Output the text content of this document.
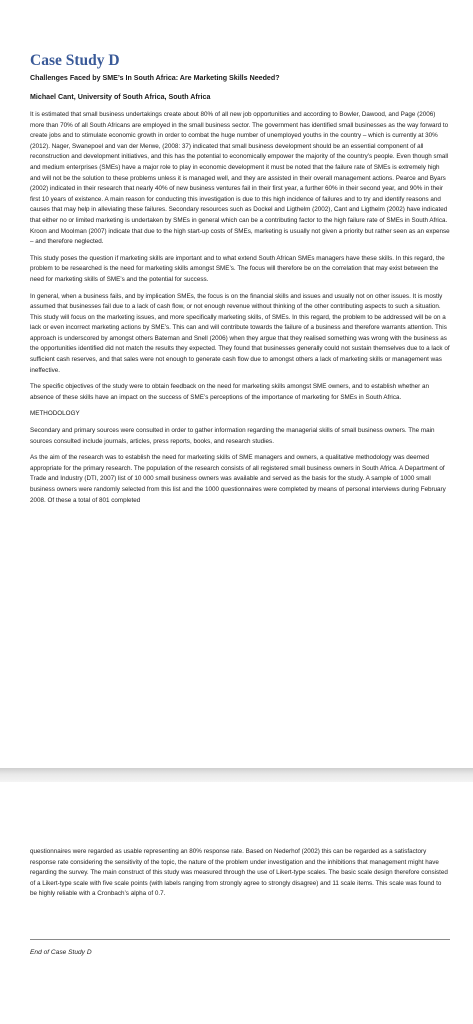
Case Study D

Challenges Faced by SME’s In South Africa: Are Marketing Skills Needed?

Michael Cant, University of South Africa, South Africa

It is estimated that small business undertakings create about 80% of all new job opportunities and according to Bowler, Dawood, and Page (2006) more than 70% of all South Africans are employed in the small business sector. The government has identified small businesses as the way forward to create jobs and to stimulate economic growth in order to combat the huge number of unemployed youths in the country – which is currently at 30% (2012). Nager, Swanepoel and van der Merwe, (2008: 37) indicated that small business development should be an essential component of all reconstruction and development initiatives, and this has the potential to economically empower the majority of the country’s people. Even though small and medium enterprises (SMEs) have a major role to play in economic development it must be noted that the failure rate of SMEs is extremely high and will not be the solution to these problems unless it is managed well, and they are assisted in their overall management actions. Pearce and Byars (2002) indicated in their research that nearly 40% of new business ventures fail in their first year, a further 60% in their second year, and 90% in their first 10 years of existence. A main reason for conducting this investigation is due to this high incidence of failures and to try and identify reasons and causes that may help in alleviating these failures. Secondary resources such as Dockel and Ligthelm (2002), Cant and Ligthelm (2002) have indicated that either no or limited marketing is undertaken by SMEs in general which can be a contributing factor to the high failure rate of SMEs in South Africa. Kroon and Moolman (2007) indicate that due to the high start-up costs of SMEs, marketing is usually not given a priority but rather seen as an expense – and therefore neglected.

This study poses the question if marketing skills are important and to what extend South African SMEs managers have these skills. In this regard, the problem to be researched is the need for marketing skills amongst SME’s. The focus will therefore be on the correlation that may exist between the need for marketing skills of SME’s and the potential for success.

In general, when a business fails, and by implication SMEs, the focus is on the financial skills and issues and usually not on other issues. It is mostly assumed that businesses fail due to a lack of cash flow, or not enough revenue without thinking of the other contributing aspects to such a situation. This study will focus on the marketing issues, and more specifically marketing skills, of SMEs. In this regard, the problem to be addressed will be on a lack or even incorrect marketing actions by SME’s. This can and will contribute towards the failure of a business and therefore warrants attention. This approach is underscored by amongst others Bateman and Snell (2006) when they argue that they realised something was wrong with the business as the opportunities identified did not match the results they expected. They found that businesses generally could not sustain themselves due to a lack of sufficient cash reserves, and that sales were not enough to generate cash flow due to amongst others a lack of marketing skills or management was ineffective.

The specific objectives of the study were to obtain feedback on the need for marketing skills amongst SME owners, and to establish whether an absence of these skills have an impact on the success of SME’s perceptions of the importance of marketing for SMEs in South Africa.

METHODOLOGY

Secondary and primary sources were consulted in order to gather information regarding the managerial skills of small business owners. The main sources consulted include journals, articles, press reports, books, and research studies.

As the aim of the research was to establish the need for marketing skills of SME managers and owners, a qualitative methodology was deemed appropriate for the primary research. The population of the research consists of all registered small business owners in South Africa. A Department of Trade and Industry (DTI, 2007) list of 10 000 small business owners was available and served as the basis for the study. A sample of 1000 small business owners were randomly selected from this list and the 1000 questionnaires were completed by means of personal interviews during February 2008. Of these a total of 801 completed

questionnaires were regarded as usable representing an 80% response rate. Based on Nederhof (2002) this can be regarded as a satisfactory response rate considering the sensitivity of the topic, the nature of the problem under investigation and the inhibitions that management might have regarding the survey. The main construct of this study was measured through the use of Likert-type scales. The basic scale design therefore consisted of a Likert-type scale with five scale points (with labels ranging from strongly agree to strongly disagree) and 11 scale items. This scale was found to be highly reliable with a Cronbach’s alpha of 0.7.

End of Case Study D
